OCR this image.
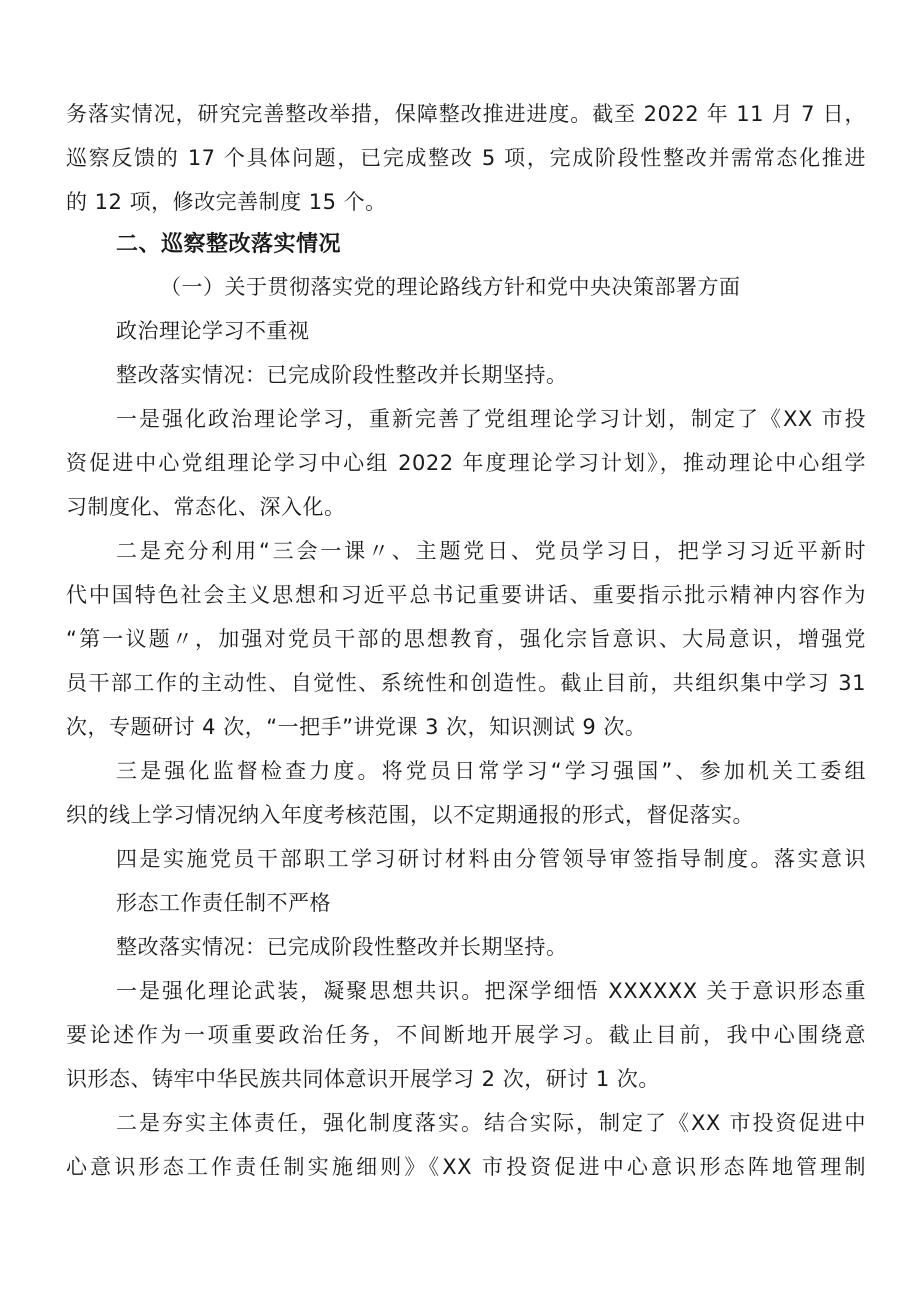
务落实情况，研究完善整改举措，保障整改推进进度。截至 2022 年 11 月 7 日，
巡察反馈的 17 个具体问题，已完成整改 5 项，完成阶段性整改并需常态化推进
的 12 项，修改完善制度 15 个。
二、巡察整改落实情况
（一）关于贯彻落实党的理论路线方针和党中央决策部署方面
政治理论学习不重视
整改落实情况：已完成阶段性整改并长期坚持。
一是强化政治理论学习，重新完善了党组理论学习计划，制定了《XX 市投
资促进中心党组理论学习中心组 2022 年度理论学习计划》，推动理论中心组学
习制度化、常态化、深入化。
二是充分利用“三会一课〃、主题党日、党员学习日，把学习习近平新时
代中国特色社会主义思想和习近平总书记重要讲话、重要指示批示精神内容作为
“第一议题〃，加强对党员干部的思想教育，强化宗旨意识、大局意识，增强党
员干部工作的主动性、自觉性、系统性和创造性。截止目前，共组织集中学习 31
次，专题研讨 4 次，“一把手”讲党课 3 次，知识测试 9 次。
三是强化监督检查力度。将党员日常学习“学习强国”、参加机关工委组
织的线上学习情况纳入年度考核范围，以不定期通报的形式，督促落实。
四是实施党员干部职工学习研讨材料由分管领导审签指导制度。落实意识
形态工作责任制不严格
整改落实情况：已完成阶段性整改并长期坚持。
一是强化理论武装，凝聚思想共识。把深学细悟 XXXXXX 关于意识形态重
要论述作为一项重要政治任务，不间断地开展学习。截止目前，我中心围绕意
识形态、铸牢中华民族共同体意识开展学习 2 次，研讨 1 次。
二是夯实主体责任，强化制度落实。结合实际，制定了《XX 市投资促进中
心意识形态工作责任制实施细则》《XX 市投资促进中心意识形态阵地管理制
